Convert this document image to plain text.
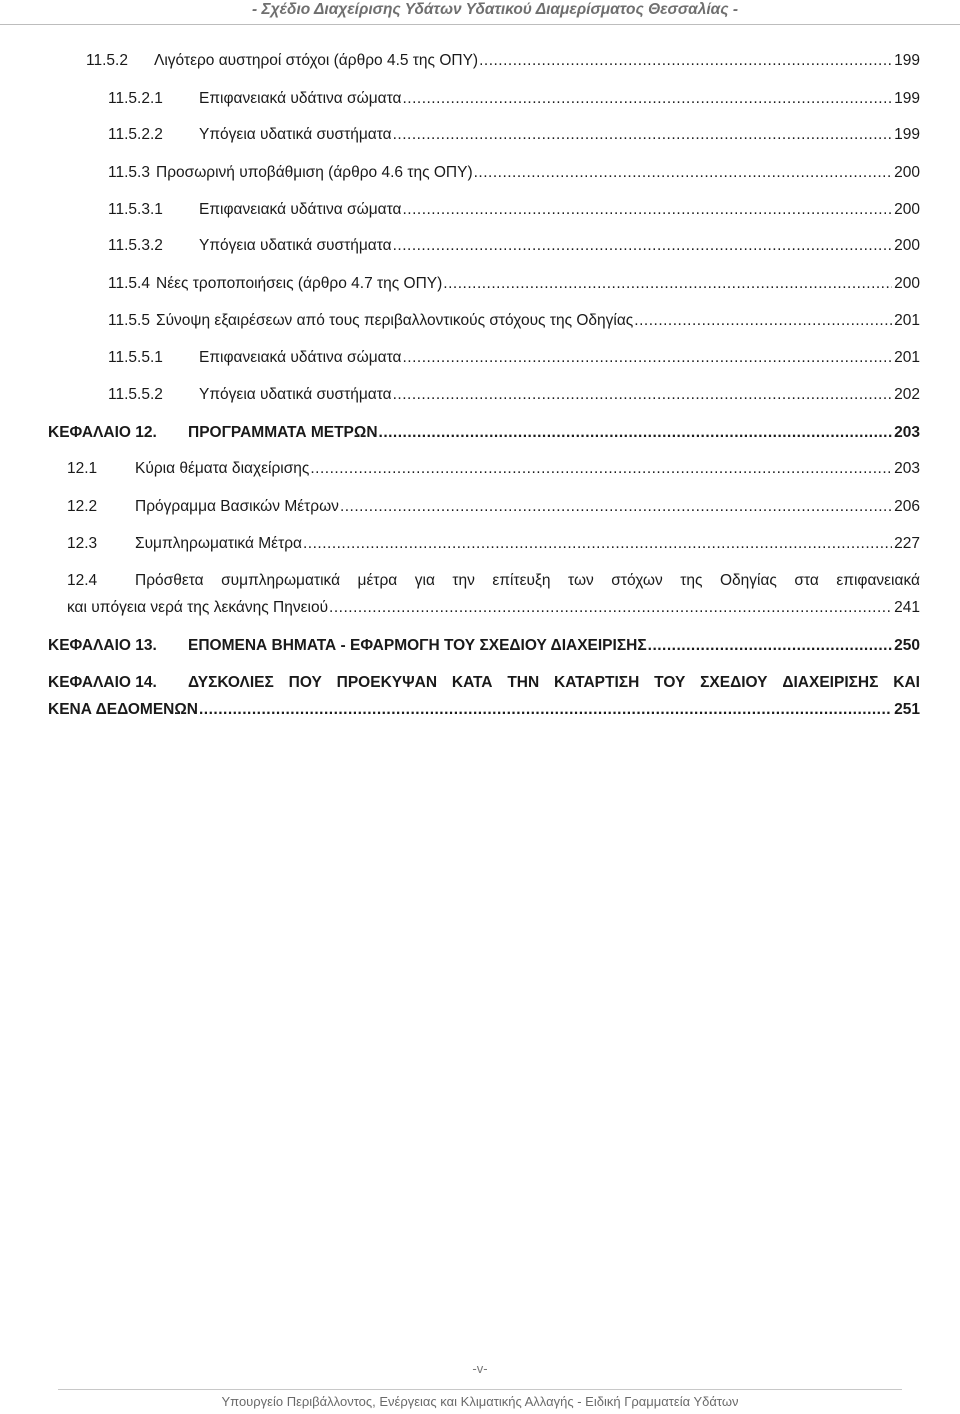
- Σχέδιο Διαχείρισης Υδάτων Υδατικού Διαμερίσματος Θεσσαλίας -
11.5.2	Λιγότερο αυστηροί στόχοι (άρθρο 4.5 της ΟΠΥ) .....	199
11.5.2.1	Επιφανειακά υδάτινα σώματα .....	199
11.5.2.2	Υπόγεια υδατικά συστήματα .....	199
11.5.3 Προσωρινή υποβάθμιση (άρθρο 4.6 της ΟΠΥ) .....	200
11.5.3.1	Επιφανειακά υδάτινα σώματα .....	200
11.5.3.2	Υπόγεια υδατικά συστήματα .....	200
11.5.4 Νέες τροποποιήσεις (άρθρο 4.7 της ΟΠΥ) .....	200
11.5.5 Σύνοψη εξαιρέσεων από τους περιβαλλοντικούς στόχους της Οδηγίας .....	201
11.5.5.1	Επιφανειακά υδάτινα σώματα .....	201
11.5.5.2	Υπόγεια υδατικά συστήματα .....	202
ΚΕΦΑΛΑΙΟ 12.	ΠΡΟΓΡΑΜΜΑΤΑ ΜΕΤΡΩΝ .....	203
12.1	Κύρια θέματα διαχείρισης .....	203
12.2	Πρόγραμμα Βασικών Μέτρων .....	206
12.3	Συμπληρωματικά Μέτρα .....	227
12.4	Πρόσθετα συμπληρωματικά μέτρα για την επίτευξη των στόχων της Οδηγίας στα επιφανειακά
και υπόγεια νερά της λεκάνης Πηνειού .....	241
ΚΕΦΑΛΑΙΟ 13.	ΕΠΟΜΕΝΑ ΒΗΜΑΤΑ - ΕΦΑΡΜΟΓΗ ΤΟΥ ΣΧΕΔΙΟΥ ΔΙΑΧΕΙΡΙΣΗΣ .....	250
ΚΕΦΑΛΑΙΟ 14.	ΔΥΣΚΟΛΙΕΣ ΠΟΥ ΠΡΟΕΚΥΨΑΝ ΚΑΤΑ ΤΗΝ ΚΑΤΑΡΤΙΣΗ ΤΟΥ ΣΧΕΔΙΟΥ ΔΙΑΧΕΙΡΙΣΗΣ ΚΑΙ
ΚΕΝΑ ΔΕΔΟΜΕΝΩΝ .....	251
-v-
Υπουργείο Περιβάλλοντος, Ενέργειας και Κλιματικής Αλλαγής - Ειδική Γραμματεία Υδάτων
